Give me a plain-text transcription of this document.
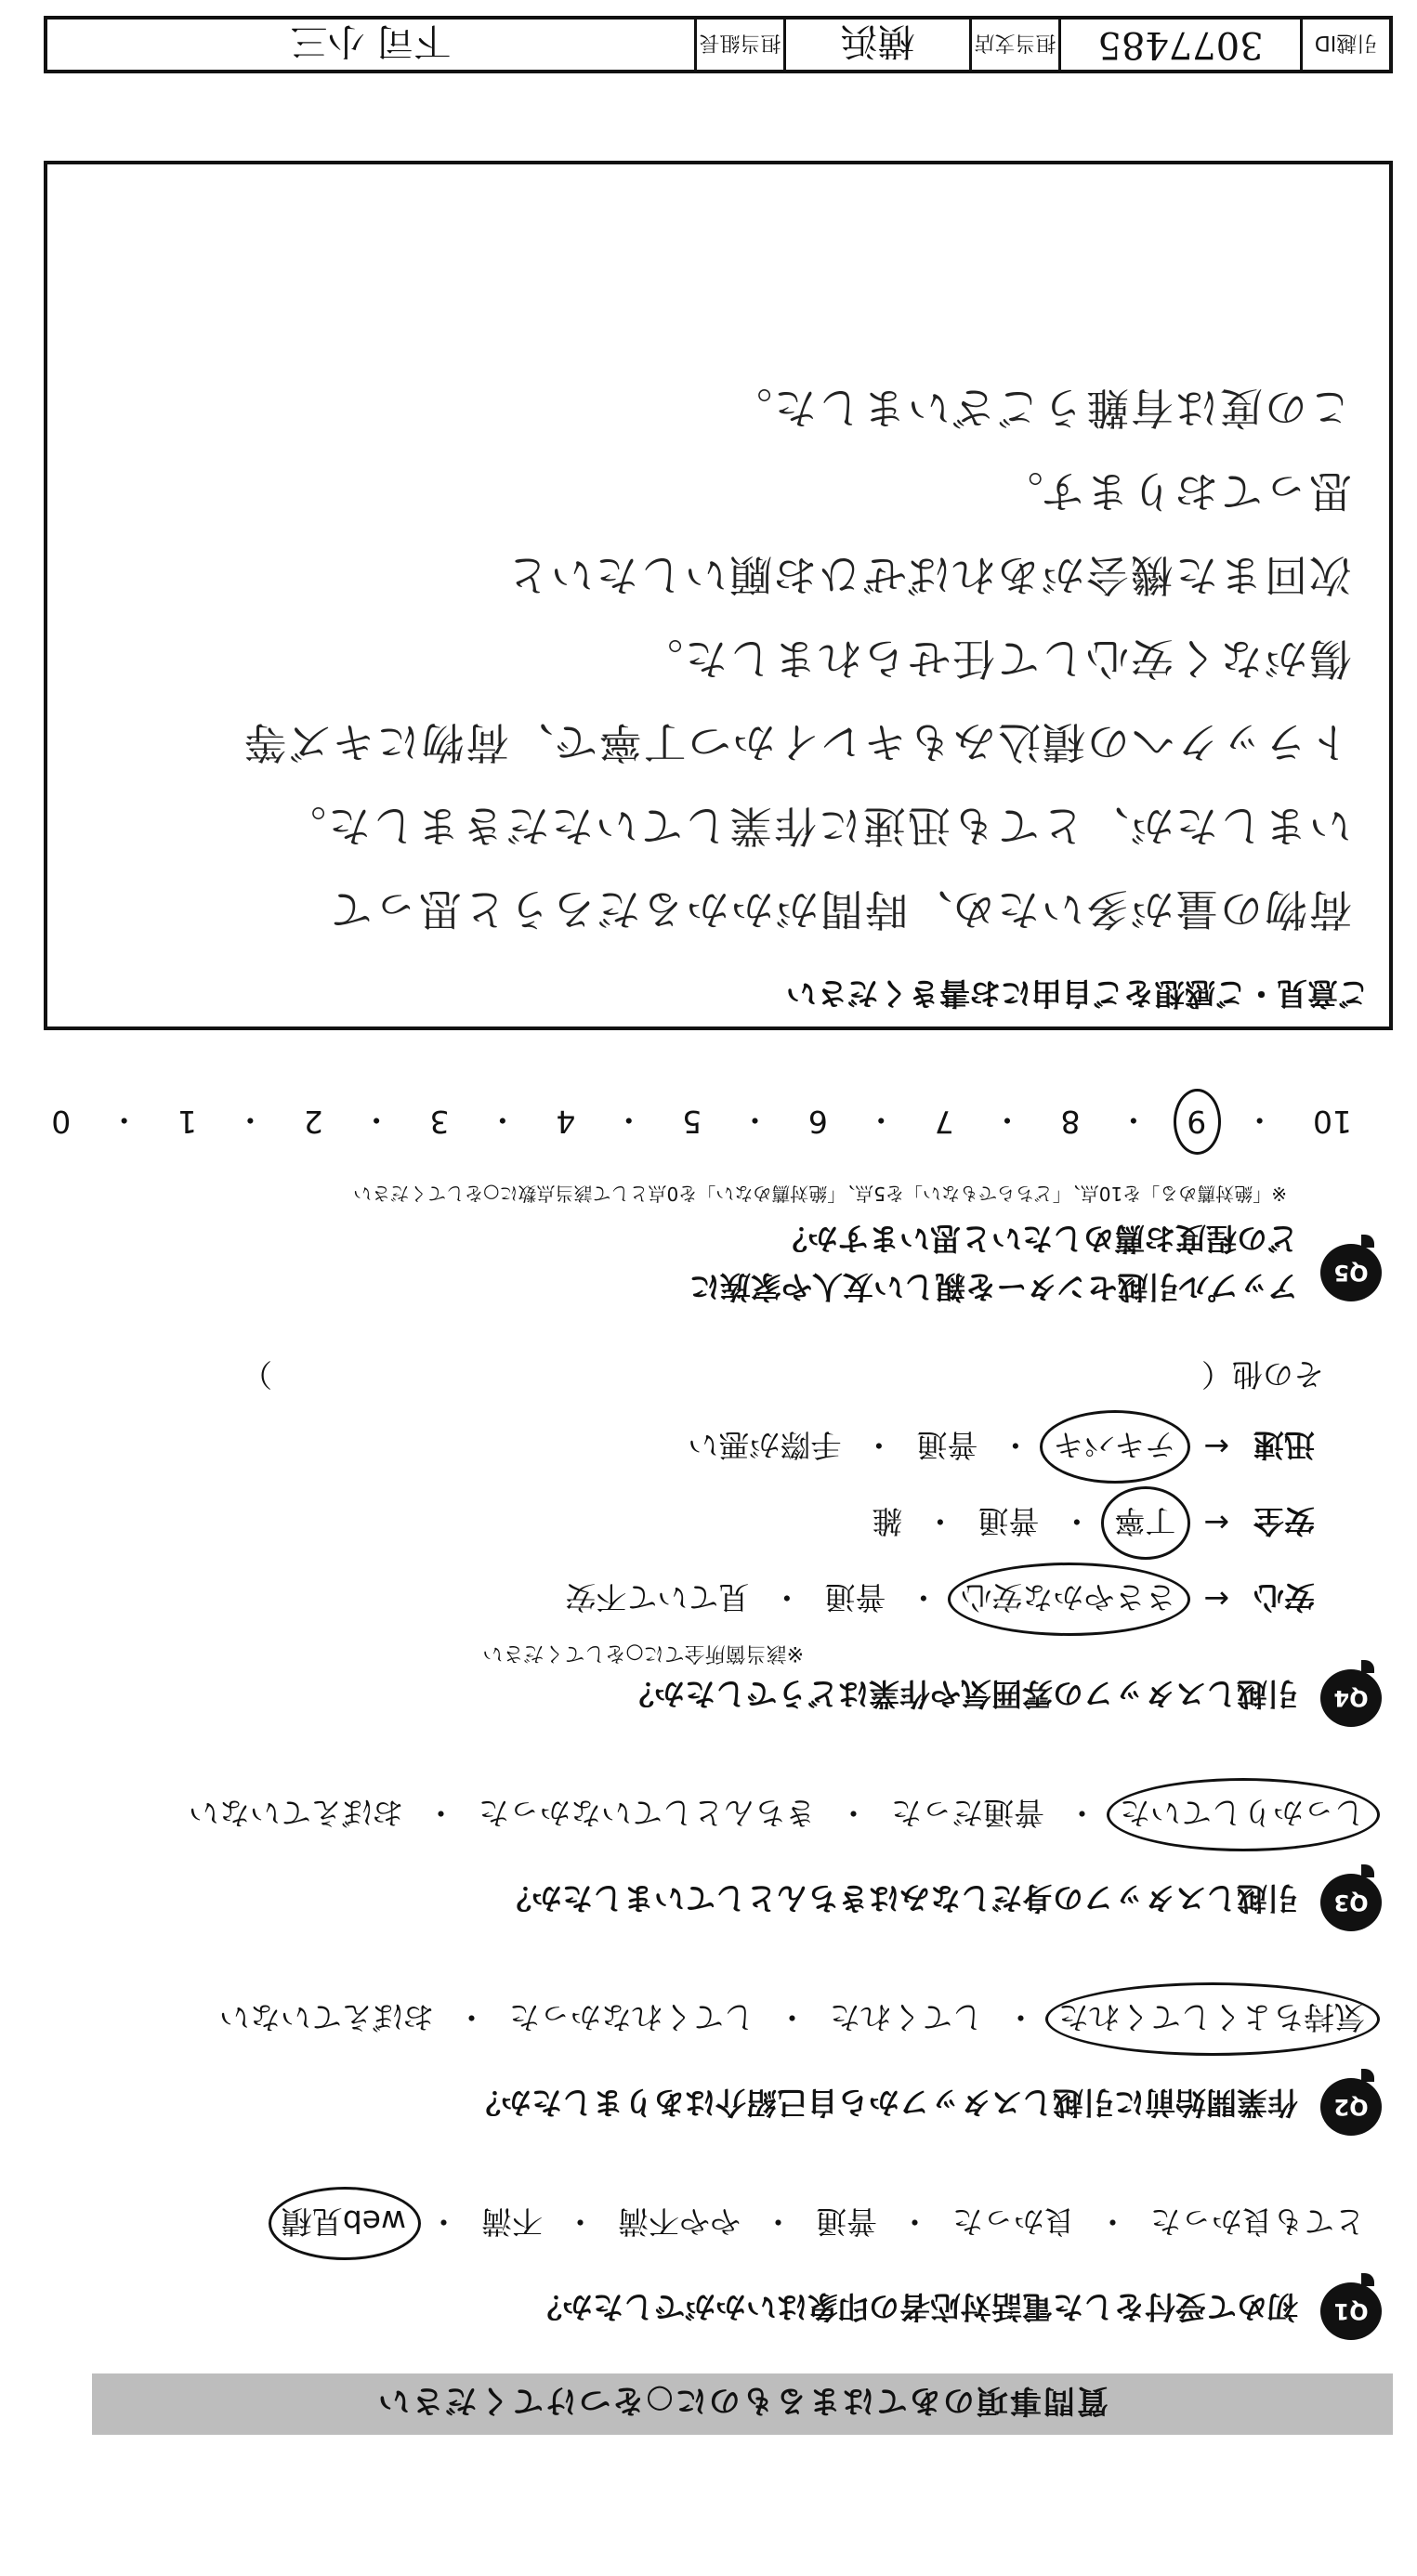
質問事項のあてはまるものに○をつけてください
Q1
初めて受付をした電話対応者の印象はいかがでしたか？
とても良かった
・
良かった
・
普通
・
やや不満
・
不満
・
web見積
Q2
作業開始前に引越しスタッフから自己紹介はありましたか？
気持ちよくしてくれた
・
してくれた
・
してくれなかった
・
おぼえていない
Q3
引越しスタッフの身だしなみはきちんとしていましたか？
しっかりしていた
・
普通だった
・
きちんとしていなかった
・
おぼえていない
Q4
引越しスタッフの雰囲気や作業はどうでしたか？
※該当箇所全てに○をしてください
安心
←
ささやかな安心
・
普通
・
見ていて不安
安全
←
丁寧
・
普通
・
雑
迅速
←
テキパキ
・
普通
・
手際が悪い
その他（
）
Q5
アップル引越センターを親しい友人や家族に
どの程度お薦めしたいと思いますか？
※「絶対薦める」を10点、「どちらでもない」を5点、「絶対薦めない」を0点として該当点数に○をしてください
10
・
9
・
8
・
7
・
6
・
5
・
4
・
3
・
2
・
1
・
0
ご意見・ご感想をご自由にお書きください
荷物の量が多いため、時間がかかるだろうと思って
いましたが、とても迅速に作業していただきました。
トラックへの積込みもキレイかつ丁寧で、荷物にキズ等
傷がなく安心して任せられました。
次回また機会があればぜひお願いしたいと
思っております。
この度は有難うございました。
引越ID
3077485
担当支店
横浜
担当組長
下司 小三
